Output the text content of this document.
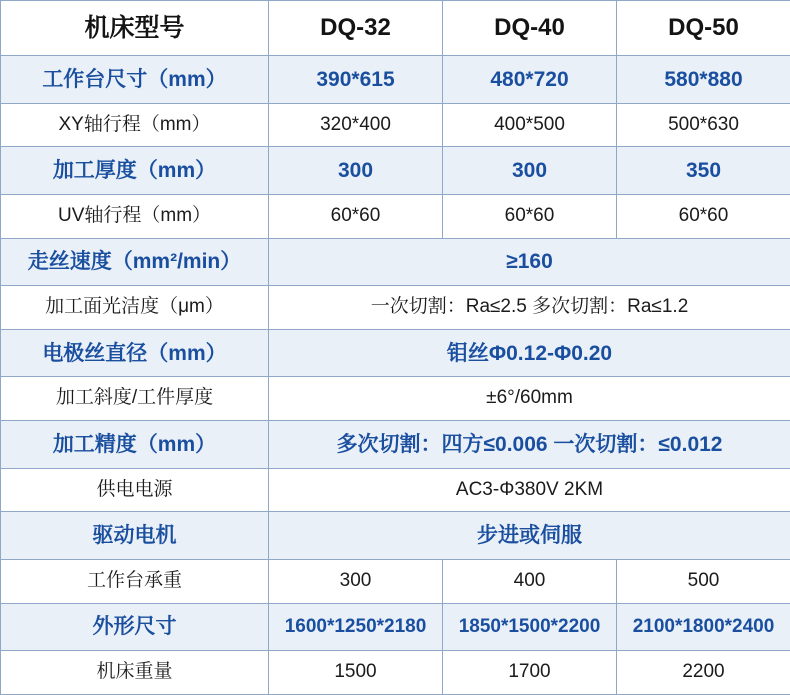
机床型号	DQ-32	DQ-40	DQ-50
工作台尺寸（mm）	390*615	480*720	580*880
XY轴行程（mm）	320*400	400*500	500*630
加工厚度（mm）	300	300	350
UV轴行程（mm）	60*60	60*60	60*60
走丝速度（mm²/min）	≥160		
加工面光洁度（μm）	一次切割：Ra≤2.5 多次切割：Ra≤1.2		
电极丝直径（mm）	钼丝Φ0.12-Φ0.20		
加工斜度/工件厚度	±6°/60mm		
加工精度（mm）	多次切割：四方≤0.006 一次切割：≤0.012		
供电电源	AC3-Φ380V 2KM		
驱动电机	步进或伺服		
工作台承重	300	400	500
外形尺寸	1600*1250*2180	1850*1500*2200	2100*1800*2400
机床重量	1500	1700	2200
